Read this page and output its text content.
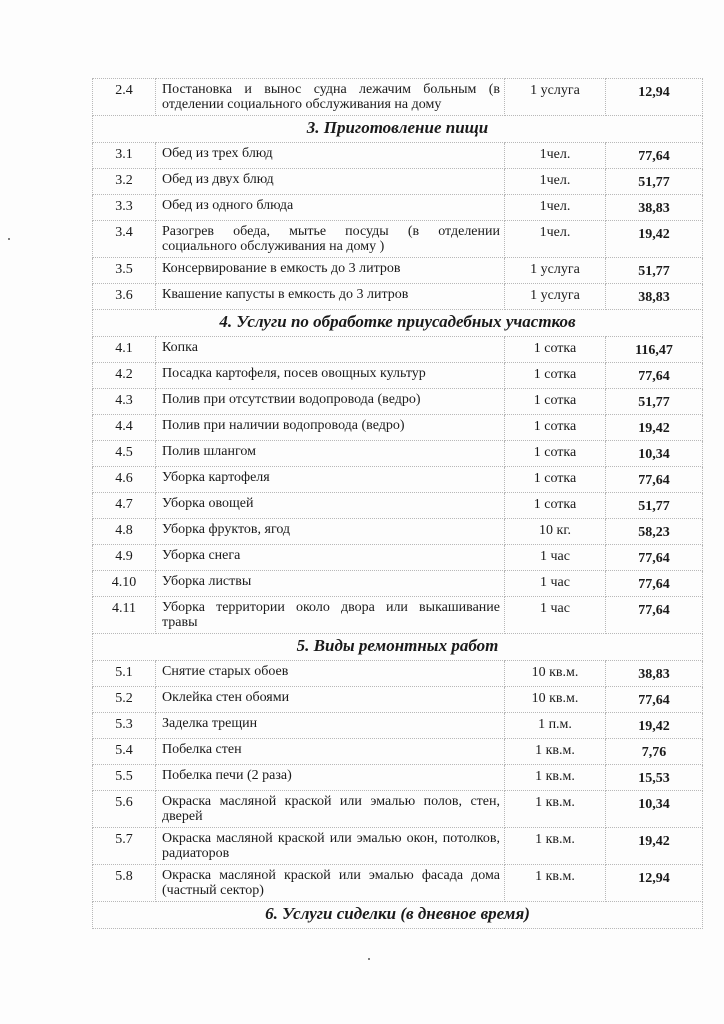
2.4	Постановка и вынос судна лежачим больным (в отделении социального обслуживания на дому	1 услуга	12,94
3. Приготовление пищи			
3.1	Обед из трех блюд	1чел.	77,64
3.2	Обед из двух блюд	1чел.	51,77
3.3	Обед из одного блюда	1чел.	38,83
3.4	Разогрев обеда, мытье посуды (в отделении социального обслуживания на дому )	1чел.	19,42
3.5	Консервирование в емкость до 3 литров	1 услуга	51,77
3.6	Квашение капусты в емкость до 3 литров	1 услуга	38,83
4. Услуги по обработке приусадебных участков			
4.1	Копка	1 сотка	116,47
4.2	Посадка картофеля, посев овощных культур	1 сотка	77,64
4.3	Полив при отсутствии водопровода (ведро)	1 сотка	51,77
4.4	Полив при наличии водопровода (ведро)	1 сотка	19,42
4.5	Полив шлангом	1 сотка	10,34
4.6	Уборка картофеля	1 сотка	77,64
4.7	Уборка овощей	1 сотка	51,77
4.8	Уборка фруктов, ягод	10 кг.	58,23
4.9	Уборка снега	1 час	77,64
4.10	Уборка листвы	1 час	77,64
4.11	Уборка территории около двора или выкашивание травы	1 час	77,64
5. Виды ремонтных работ			
5.1	Снятие старых обоев	10 кв.м.	38,83
5.2	Оклейка стен обоями	10 кв.м.	77,64
5.3	Заделка трещин	1 п.м.	19,42
5.4	Побелка стен	1 кв.м.	7,76
5.5	Побелка печи (2 раза)	1 кв.м.	15,53
5.6	Окраска масляной краской или эмалью полов, стен, дверей	1 кв.м.	10,34
5.7	Окраска масляной краской или эмалью окон, потолков, радиаторов	1 кв.м.	19,42
5.8	Окраска масляной краской или эмалью фасада дома (частный сектор)	1 кв.м.	12,94
6. Услуги сиделки (в дневное время)			
